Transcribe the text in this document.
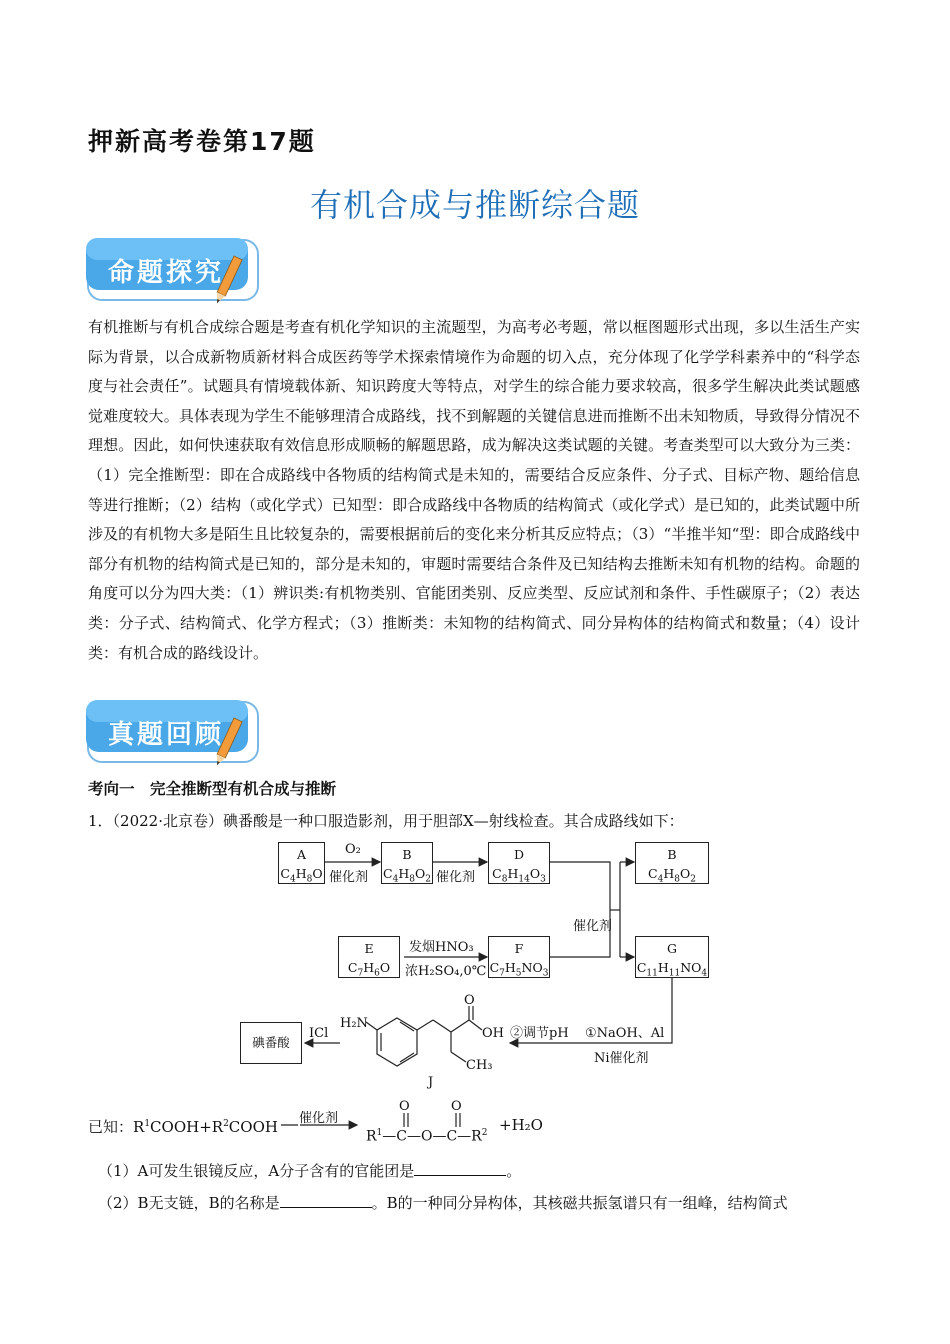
押新高考卷第17题
有机合成与推断综合题
命题探究
有机推断与有机合成综合题是考查有机化学知识的主流题型，为高考必考题，常以框图题形式出现，多以生活生产实际为背景，以合成新物质新材料合成医药等学术探索情境作为命题的切入点，充分体现了化学学科素养中的“科学态度与社会责任”。试题具有情境载体新、知识跨度大等特点，对学生的综合能力要求较高，很多学生解决此类试题感觉难度较大。具体表现为学生不能够理清合成路线，找不到解题的关键信息进而推断不出未知物质，导致得分情况不理想。因此，如何快速获取有效信息形成顺畅的解题思路，成为解决这类试题的关键。考查类型可以大致分为三类：（1）完全推断型：即在合成路线中各物质的结构简式是未知的，需要结合反应条件、分子式、目标产物、题给信息等进行推断；（2）结构（或化学式）已知型：即合成路线中各物质的结构简式（或化学式）是已知的，此类试题中所涉及的有机物大多是陌生且比较复杂的，需要根据前后的变化来分析其反应特点；（3）“半推半知“型：即合成路线中部分有机物的结构简式是已知的，部分是未知的，审题时需要结合条件及已知结构去推断未知有机物的结构。命题的角度可以分为四大类：（1）辨识类:有机物类别、官能团类别、反应类型、反应试剂和条件、手性碳原子；（2）表达类：分子式、结构简式、化学方程式；（3）推断类：未知物的结构简式、同分异构体的结构简式和数量；（4）设计类：有机合成的路线设计。
真题回顾
考向一　完全推断型有机合成与推断
1．（2022·北京卷）碘番酸是一种口服造影剂，用于胆部X—射线检查。其合成路线如下：
A
$C_4H_8O$
B
$C_4H_8O_2$
D
$C_8H_{14}O_3$
B
$C_4H_8O_2$
E
$C_7H_6O$
F
$C_7H_5NO_3$
G
$C_{11}H_{11}NO_4$
碘番酸
O₂
催化剂	催化剂
催化剂
发烟HNO₃
浓H₂SO₄,0℃
①NaOH、Al
Ni催化剂
②调节pH
ICl
H₂N
O
OH
CH₃
J
已知：$R^1COOH+R^2COOH$ 催化剂
O	O
$R^1—C—O—C—R^2 +H_2O$
（1）A可发生银镜反应，A分子含有的官能团是	。
（2）B无支链，B的名称是	。B的一种同分异构体，其核磁共振氢谱只有一组峰，结构简式
